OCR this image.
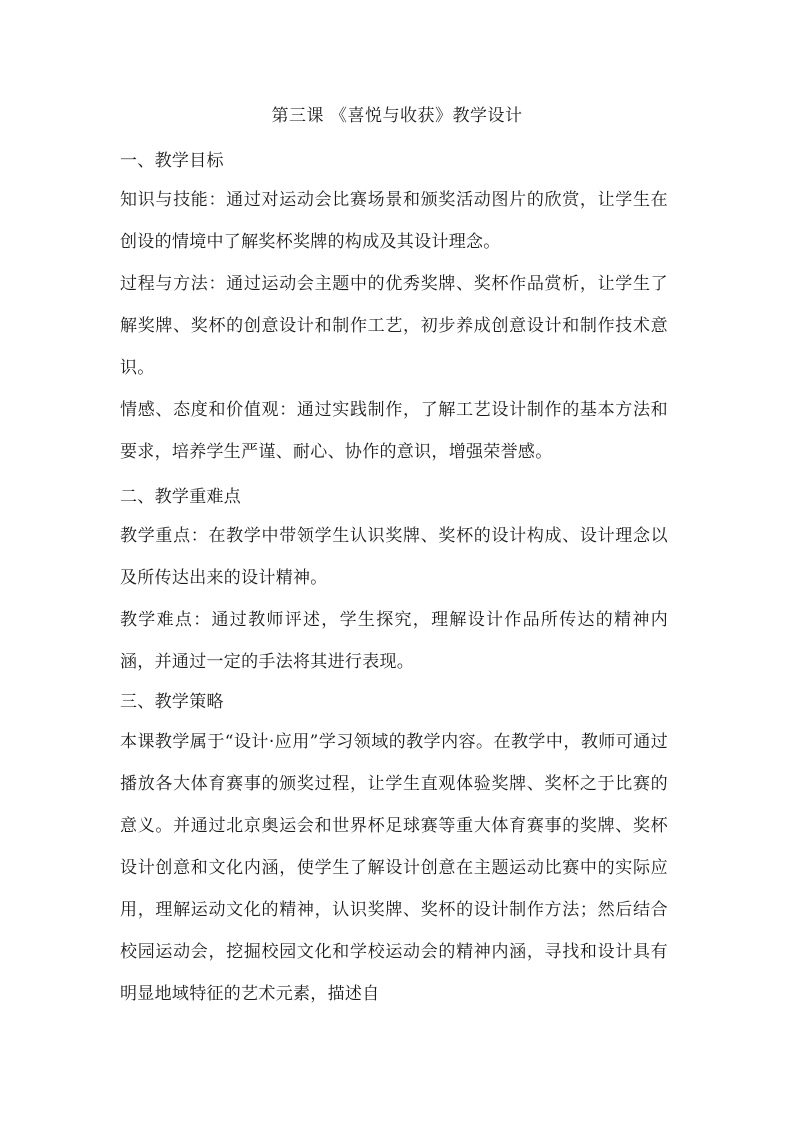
第三课 《喜悦与收获》教学设计
一、教学目标
知识与技能：通过对运动会比赛场景和颁奖活动图片的欣赏，让学生在创设的情境中了解奖杯奖牌的构成及其设计理念。
过程与方法：通过运动会主题中的优秀奖牌、奖杯作品赏析，让学生了解奖牌、奖杯的创意设计和制作工艺，初步养成创意设计和制作技术意识。
情感、态度和价值观：通过实践制作，了解工艺设计制作的基本方法和要求，培养学生严谨、耐心、协作的意识，增强荣誉感。
二、教学重难点
教学重点：在教学中带领学生认识奖牌、奖杯的设计构成、设计理念以及所传达出来的设计精神。
教学难点：通过教师评述，学生探究，理解设计作品所传达的精神内涵，并通过一定的手法将其进行表现。
三、教学策略
本课教学属于“设计·应用”学习领域的教学内容。在教学中，教师可通过播放各大体育赛事的颁奖过程，让学生直观体验奖牌、奖杯之于比赛的意义。并通过北京奥运会和世界杯足球赛等重大体育赛事的奖牌、奖杯设计创意和文化内涵，使学生了解设计创意在主题运动比赛中的实际应用，理解运动文化的精神，认识奖牌、奖杯的设计制作方法；然后结合校园运动会，挖掘校园文化和学校运动会的精神内涵，寻找和设计具有明显地域特征的艺术元素，描述自
